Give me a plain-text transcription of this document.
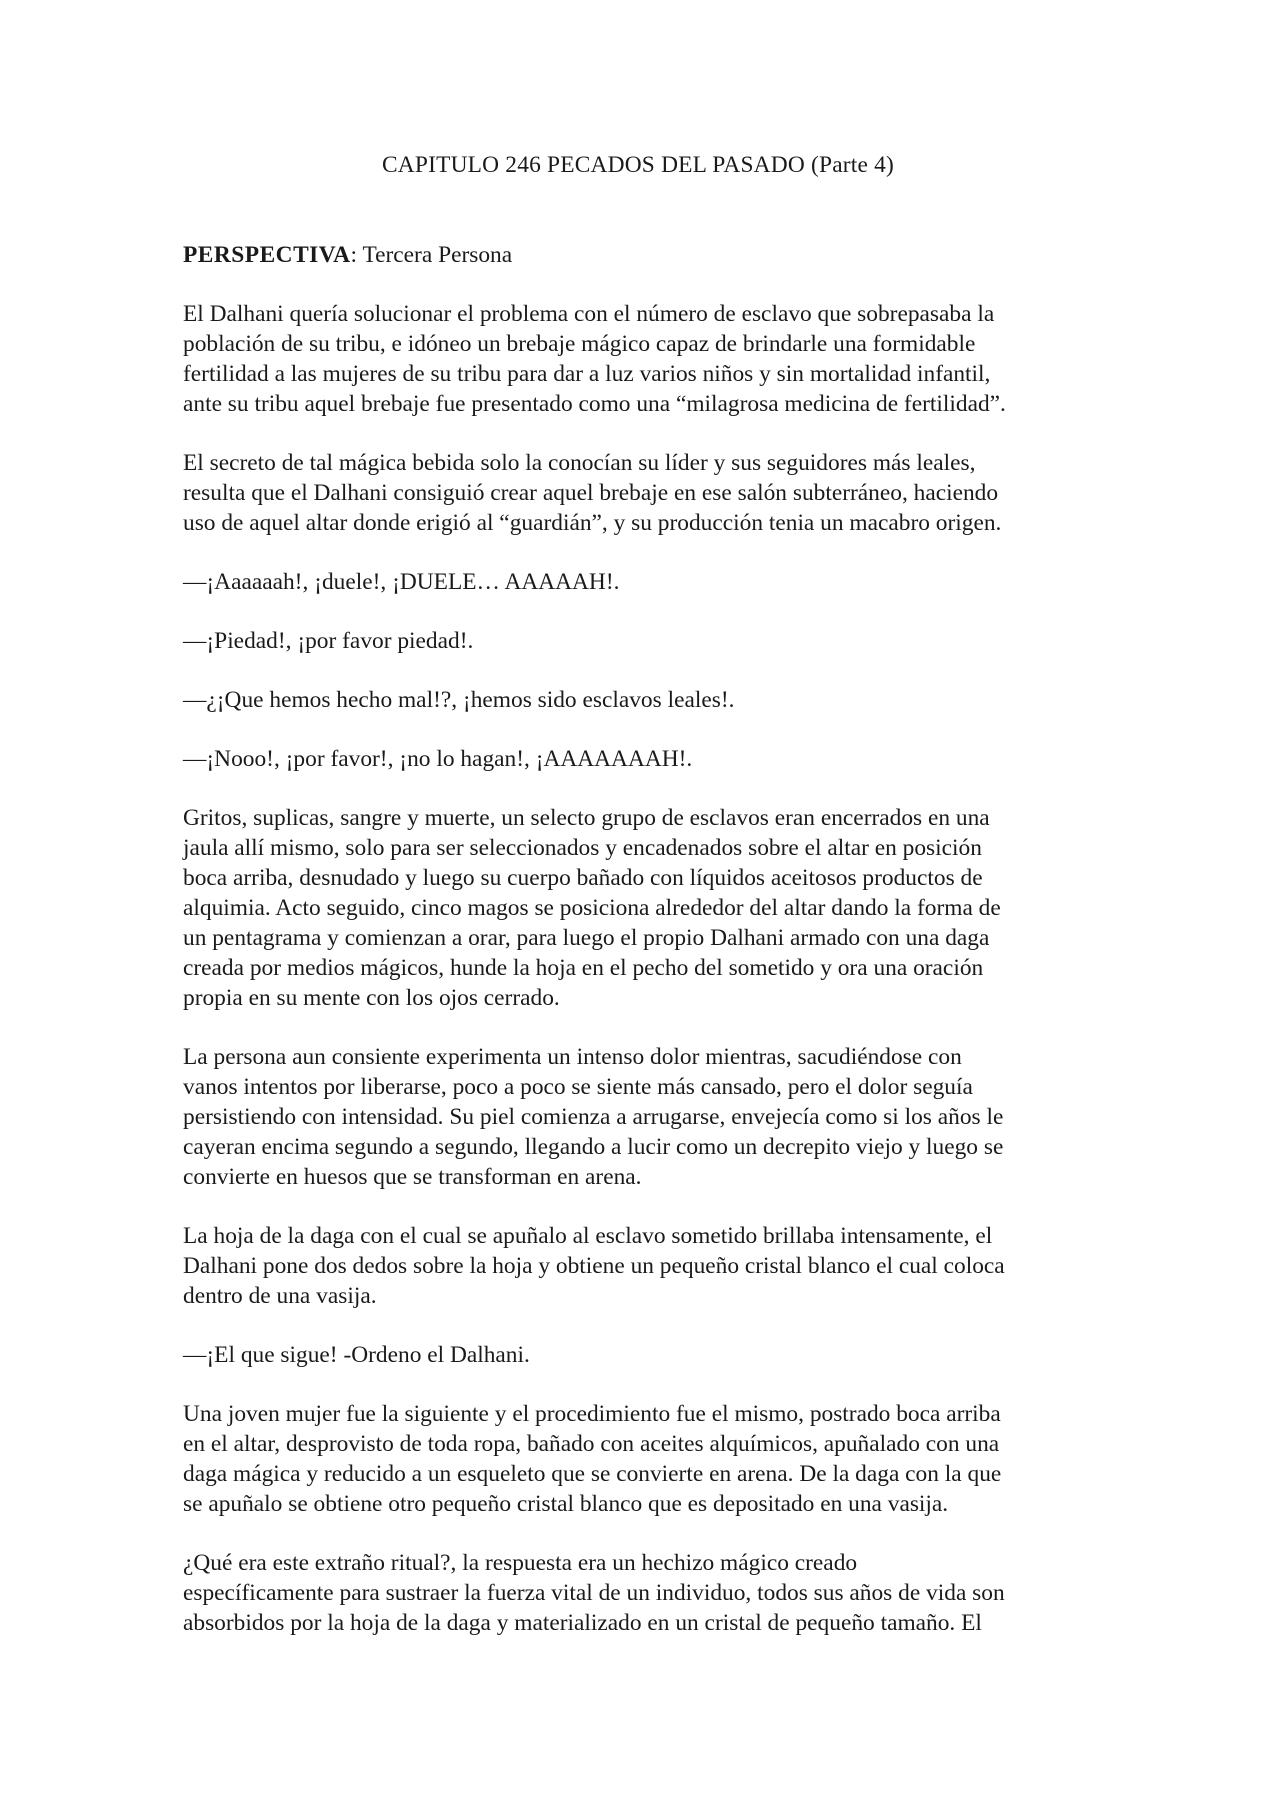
CAPITULO 246 PECADOS DEL PASADO (Parte 4)
PERSPECTIVA: Tercera Persona
El Dalhani quería solucionar el problema con el número de esclavo que sobrepasaba la
población de su tribu, e idóneo un brebaje mágico capaz de brindarle una formidable
fertilidad a las mujeres de su tribu para dar a luz varios niños y sin mortalidad infantil,
ante su tribu aquel brebaje fue presentado como una “milagrosa medicina de fertilidad”.
El secreto de tal mágica bebida solo la conocían su líder y sus seguidores más leales,
resulta que el Dalhani consiguió crear aquel brebaje en ese salón subterráneo, haciendo
uso de aquel altar donde erigió al “guardián”, y su producción tenia un macabro origen.
—¡Aaaaaah!, ¡duele!, ¡DUELE… AAAAAH!.
—¡Piedad!, ¡por favor piedad!.
—¿¡Que hemos hecho mal!?, ¡hemos sido esclavos leales!.
—¡Nooo!, ¡por favor!, ¡no lo hagan!, ¡AAAAAAAH!.
Gritos, suplicas, sangre y muerte, un selecto grupo de esclavos eran encerrados en una
jaula allí mismo, solo para ser seleccionados y encadenados sobre el altar en posición
boca arriba, desnudado y luego su cuerpo bañado con líquidos aceitosos productos de
alquimia. Acto seguido, cinco magos se posiciona alrededor del altar dando la forma de
un pentagrama y comienzan a orar, para luego el propio Dalhani armado con una daga
creada por medios mágicos, hunde la hoja en el pecho del sometido y ora una oración
propia en su mente con los ojos cerrado.
La persona aun consiente experimenta un intenso dolor mientras, sacudiéndose con
vanos intentos por liberarse, poco a poco se siente más cansado, pero el dolor seguía
persistiendo con intensidad. Su piel comienza a arrugarse, envejecía como si los años le
cayeran encima segundo a segundo, llegando a lucir como un decrepito viejo y luego se
convierte en huesos que se transforman en arena.
La hoja de la daga con el cual se apuñalo al esclavo sometido brillaba intensamente, el
Dalhani pone dos dedos sobre la hoja y obtiene un pequeño cristal blanco el cual coloca
dentro de una vasija.
—¡El que sigue! -Ordeno el Dalhani.
Una joven mujer fue la siguiente y el procedimiento fue el mismo, postrado boca arriba
en el altar, desprovisto de toda ropa, bañado con aceites alquímicos, apuñalado con una
daga mágica y reducido a un esqueleto que se convierte en arena. De la daga con la que
se apuñalo se obtiene otro pequeño cristal blanco que es depositado en una vasija.
¿Qué era este extraño ritual?, la respuesta era un hechizo mágico creado
específicamente para sustraer la fuerza vital de un individuo, todos sus años de vida son
absorbidos por la hoja de la daga y materializado en un cristal de pequeño tamaño. El
